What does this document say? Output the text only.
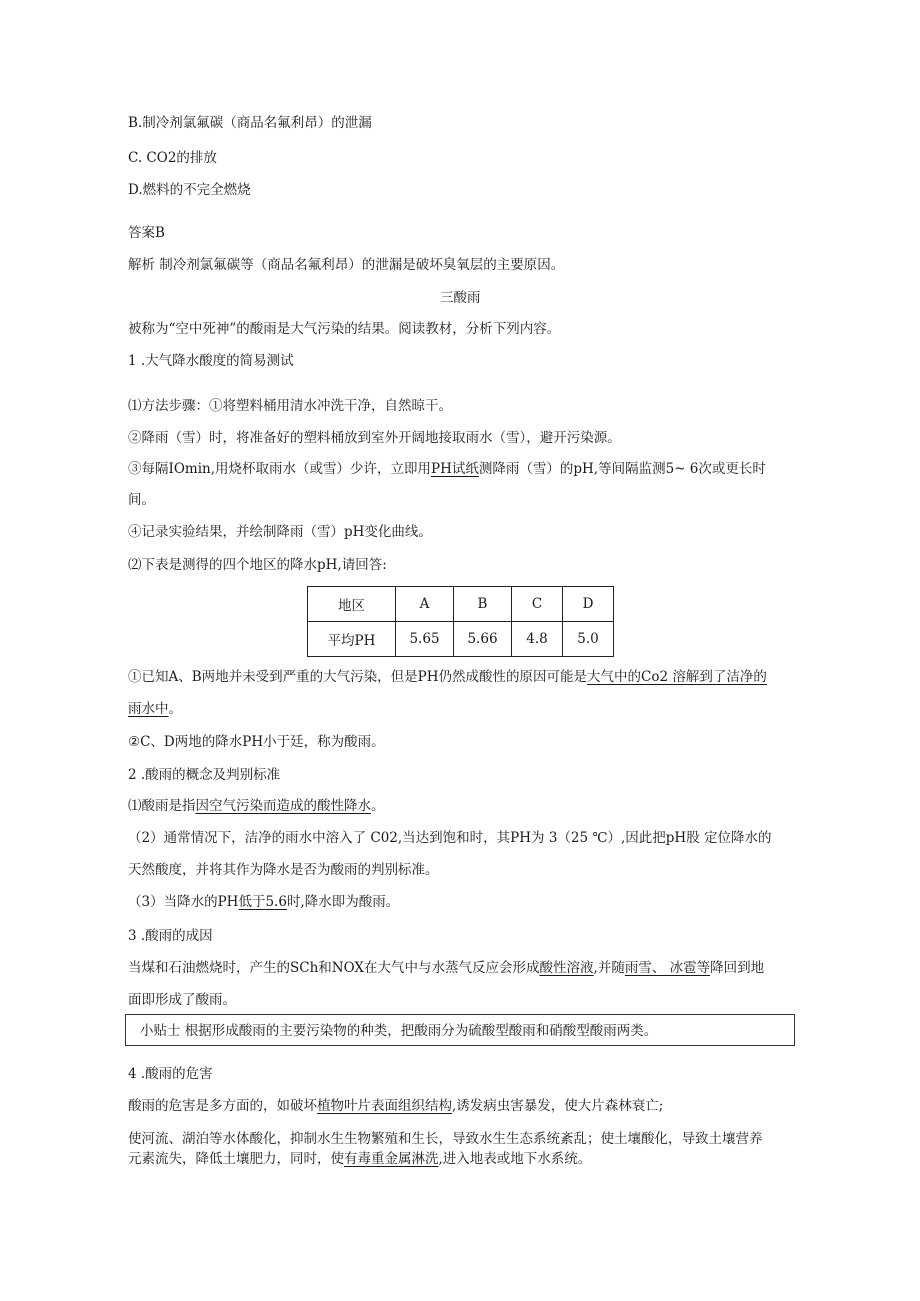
B.制冷剂氯氟碳（商品名氟利昂）的泄漏
C. CO2的排放
D.燃料的不完全燃烧
答案B
解析 制冷剂氯氟碳等（商品名氟利昂）的泄漏是破坏臭氧层的主要原因。
三酸雨
被称为“空中死神”的酸雨是大气污染的结果。阅读教材，分析下列内容。
1 .大气降水酸度的简易测试
⑴方法步骤：①将塑料桶用清水冲洗干净，自然晾干。
②降雨（雪）时，将准备好的塑料桶放到室外开阔地接取雨水（雪），避开污染源。
③每隔IOmin,用烧杯取雨水（或雪）少许，立即用PH试纸测降雨（雪）的pH,等间隔监测5~ 6次或更长时
间。
④记录实验结果，并绘制降雨（雪）pH变化曲线。
⑵下表是测得的四个地区的降水pH,请回答:
地区	A	B	C	D
平均PH	5.65	5.66	4.8	5.0
①已知A、B两地并未受到严重的大气污染，但是PH仍然成酸性的原因可能是大气中的Co2 溶解到了洁净的
雨水中。
②C、D两地的降水PH小于廷，称为酸雨。
2 .酸雨的概念及判别标准
⑴酸雨是指因空气污染而造成的酸性降水。
（2）通常情况下，洁净的雨水中溶入了 C02,当达到饱和时，其PH为 3（25 ℃）,因此把pH股 定位降水的
天然酸度，并将其作为降水是否为酸雨的判别标准。
（3）当降水的PH低于5.6时,降水即为酸雨。
3 .酸雨的成因
当煤和石油燃烧时，产生的SCh和NOX在大气中与水蒸气反应会形成酸性溶液,并随雨雪、 冰雹等降回到地
面即形成了酸雨。
小贴士 根据形成酸雨的主要污染物的种类，把酸雨分为硫酸型酸雨和硝酸型酸雨两类。
4 .酸雨的危害
酸雨的危害是多方面的，如破坏植物叶片表面组织结构,诱发病虫害暴发，使大片森林衰亡;
使河流、湖泊等水体酸化，抑制水生生物繁殖和生长，导致水生生态系统紊乱；使土壤酸化，导致土壤营养
元素流失，降低土壤肥力，同时，使有毒重金属淋洗,进入地表或地下水系统。
